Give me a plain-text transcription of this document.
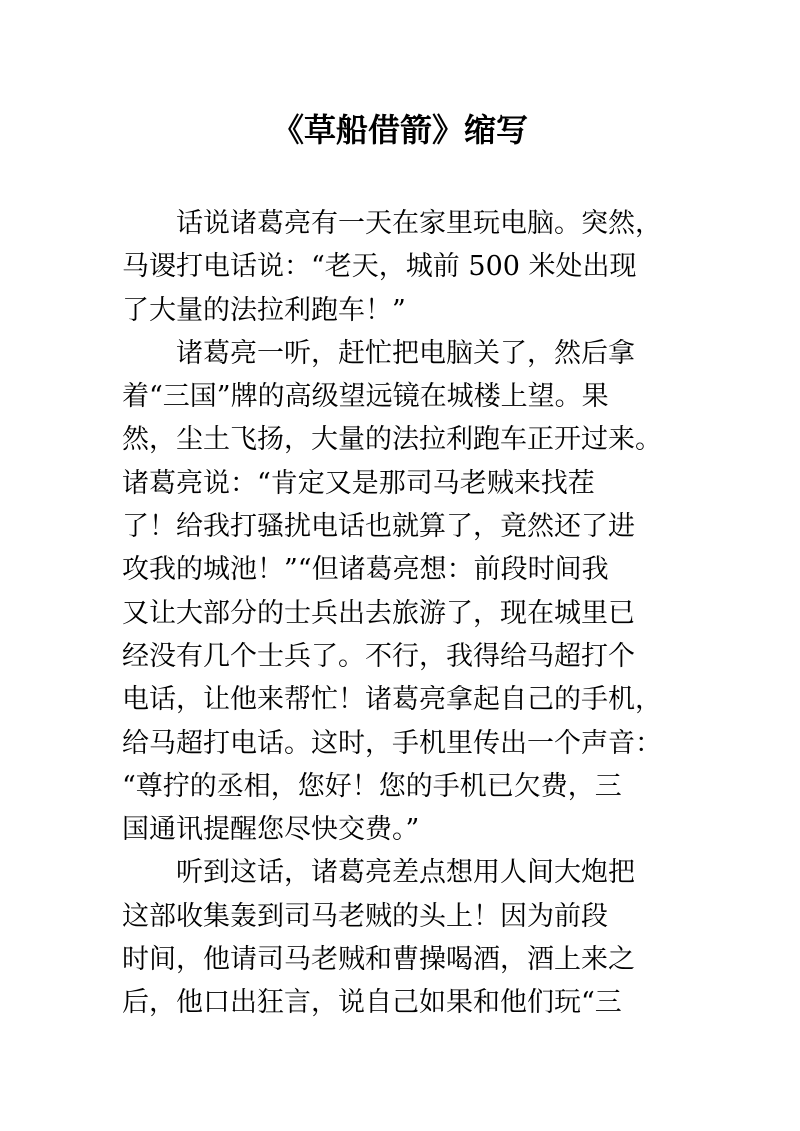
《草船借箭》缩写
　　话说诸葛亮有一天在家里玩电脑。突然，
马谡打电话说：“老天，城前 500 米处出现
了大量的法拉利跑车！”
　　诸葛亮一听，赶忙把电脑关了，然后拿
着“三国”牌的高级望远镜在城楼上望。果
然，尘土飞扬，大量的法拉利跑车正开过来。
诸葛亮说：“肯定又是那司马老贼来找茬
了！给我打骚扰电话也就算了，竟然还了进
攻我的城池！”“但诸葛亮想：前段时间我
又让大部分的士兵出去旅游了，现在城里已
经没有几个士兵了。不行，我得给马超打个
电话，让他来帮忙！诸葛亮拿起自己的手机，
给马超打电话。这时，手机里传出一个声音：
“尊拧的丞相，您好！您的手机已欠费，三
国通讯提醒您尽快交费。”
　　听到这话，诸葛亮差点想用人间大炮把
这部收集轰到司马老贼的头上！因为前段
时间，他请司马老贼和曹操喝酒，酒上来之
后，他口出狂言，说自己如果和他们玩“三
